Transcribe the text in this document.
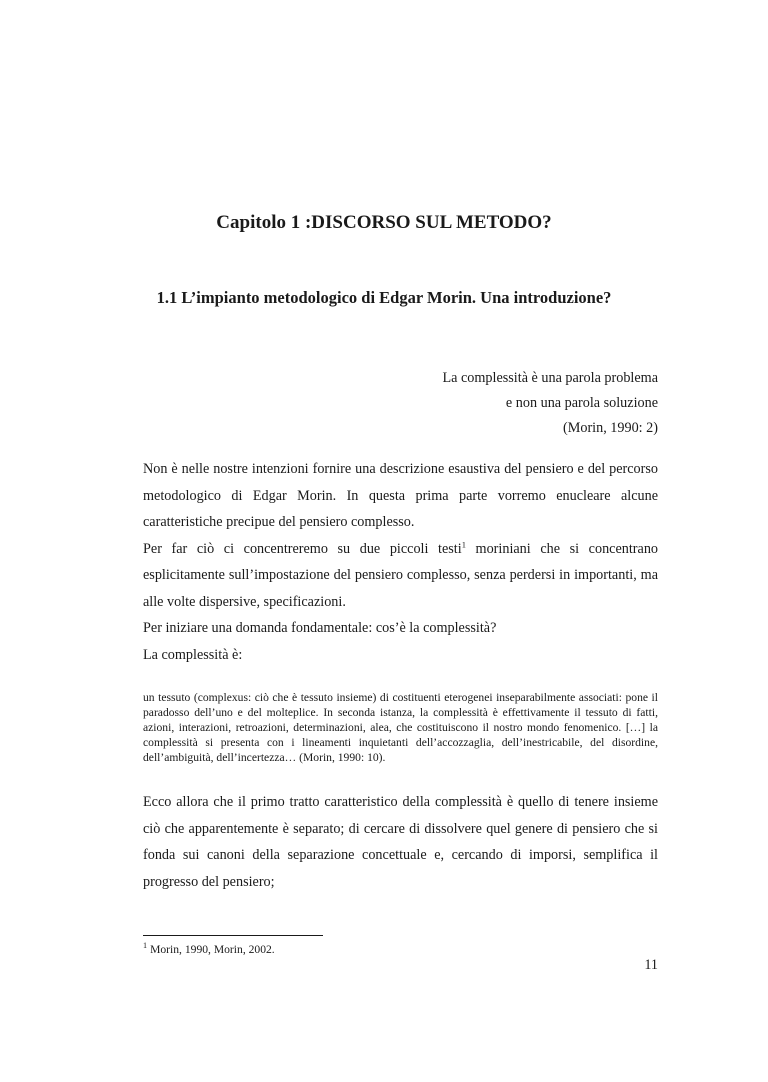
Capitolo 1 :DISCORSO SUL METODO?
1.1 L’impianto metodologico di Edgar Morin. Una introduzione?
La complessità è una parola problema
e non una parola soluzione
(Morin, 1990: 2)

Non è nelle nostre intenzioni fornire una descrizione esaustiva del pensiero e del percorso metodologico di Edgar Morin. In questa prima parte vorremo enucleare alcune caratteristiche precipue del pensiero complesso.

Per far ciò ci concentreremo su due piccoli testi$^1$ moriniani che si concentrano esplicitamente sull’impostazione del pensiero complesso, senza perdersi in importanti, ma alle volte dispersive, specificazioni.

Per iniziare una domanda fondamentale: cos’è la complessità?

La complessità è:

un tessuto (complexus: ciò che è tessuto insieme) di costituenti eterogenei inseparabilmente associati: pone il paradosso dell’uno e del molteplice. In seconda istanza, la complessità è effettivamente il tessuto di fatti, azioni, interazioni, retroazioni, determinazioni, alea, che costituiscono il nostro mondo fenomenico. […] la complessità si presenta con i lineamenti inquietanti dell’accozzaglia, dell’inestricabile, del disordine, dell’ambiguità, dell’incertezza… (Morin, 1990: 10).

Ecco allora che il primo tratto caratteristico della complessità è quello di tenere insieme ciò che apparentemente è separato; di cercare di dissolvere quel genere di pensiero che si fonda sui canoni della separazione concettuale e, cercando di imporsi, semplifica il progresso del pensiero;

$^1$ Morin, 1990, Morin, 2002.
11
